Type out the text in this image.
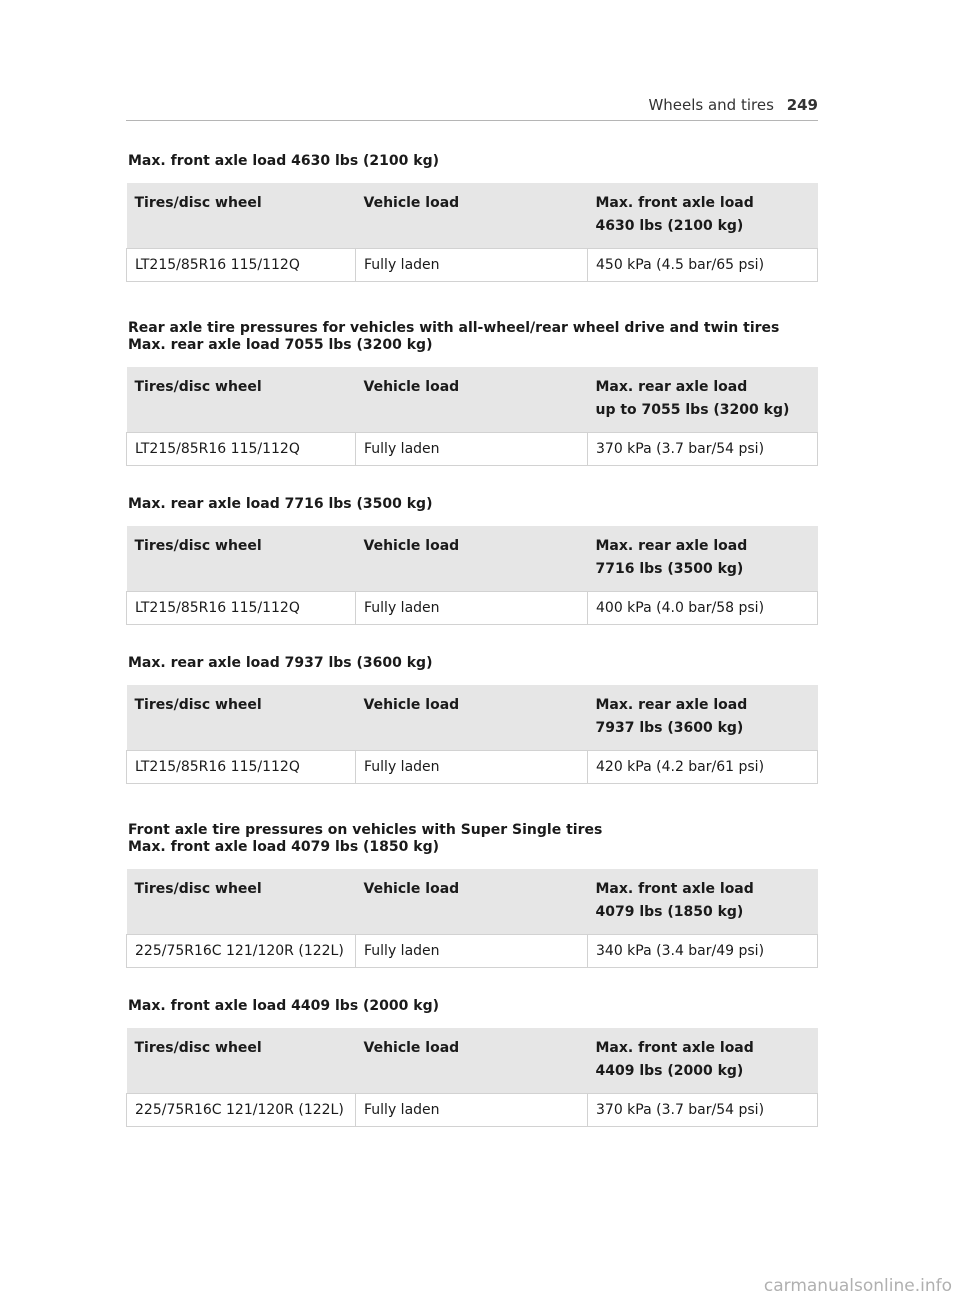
Wheels and tires 249
Max. front axle load 4630 lbs (2100 kg)
Tires/disc wheel	Vehicle load	Max. front axle load
4630 lbs (2100 kg)

LT215/85R16 115/112Q	Fully laden	450 kPa (4.5 bar/65 psi)
Rear axle tire pressures for vehicles with all-wheel/rear wheel drive and twin tires
Max. rear axle load 7055 lbs (3200 kg)
Tires/disc wheel	Vehicle load	Max. rear axle load
up to 7055 lbs (3200 kg)

LT215/85R16 115/112Q	Fully laden	370 kPa (3.7 bar/54 psi)
Max. rear axle load 7716 lbs (3500 kg)
Tires/disc wheel	Vehicle load	Max. rear axle load
7716 lbs (3500 kg)

LT215/85R16 115/112Q	Fully laden	400 kPa (4.0 bar/58 psi)
Max. rear axle load 7937 lbs (3600 kg)
Tires/disc wheel	Vehicle load	Max. rear axle load
7937 lbs (3600 kg)

LT215/85R16 115/112Q	Fully laden	420 kPa (4.2 bar/61 psi)
Front axle tire pressures on vehicles with Super Single tires
Max. front axle load 4079 lbs (1850 kg)
Tires/disc wheel	Vehicle load	Max. front axle load
4079 lbs (1850 kg)

225/75R16C 121/120R (122L)	Fully laden	340 kPa (3.4 bar/49 psi)
Max. front axle load 4409 lbs (2000 kg)
Tires/disc wheel	Vehicle load	Max. front axle load
4409 lbs (2000 kg)

225/75R16C 121/120R (122L)	Fully laden	370 kPa (3.7 bar/54 psi)
carmanualsonline.info
